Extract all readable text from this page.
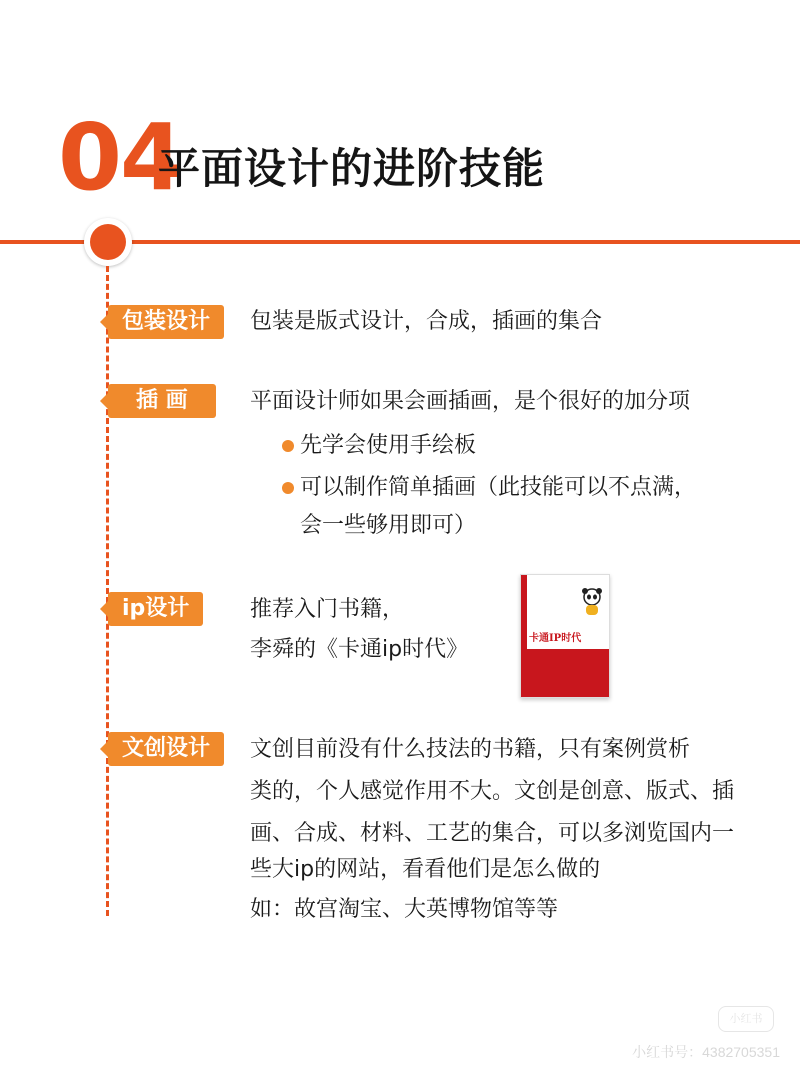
04
平面设计的进阶技能
包装设计	包装是版式设计，合成，插画的集合
插 画	平面设计师如果会画插画，是个很好的加分项
先学会使用手绘板
可以制作简单插画（此技能可以不点满，
会一些够用即可）
ip设计	推荐入门书籍，
李舜的《卡通ip时代》	卡通IP时代
文创设计	文创目前没有什么技法的书籍，只有案例赏析
类的，个人感觉作用不大。文创是创意、版式、插
画、合成、材料、工艺的集合，可以多浏览国内一
些大ip的网站，看看他们是怎么做的
如：故宫淘宝、大英博物馆等等
小红书
小红书号：4382705351
